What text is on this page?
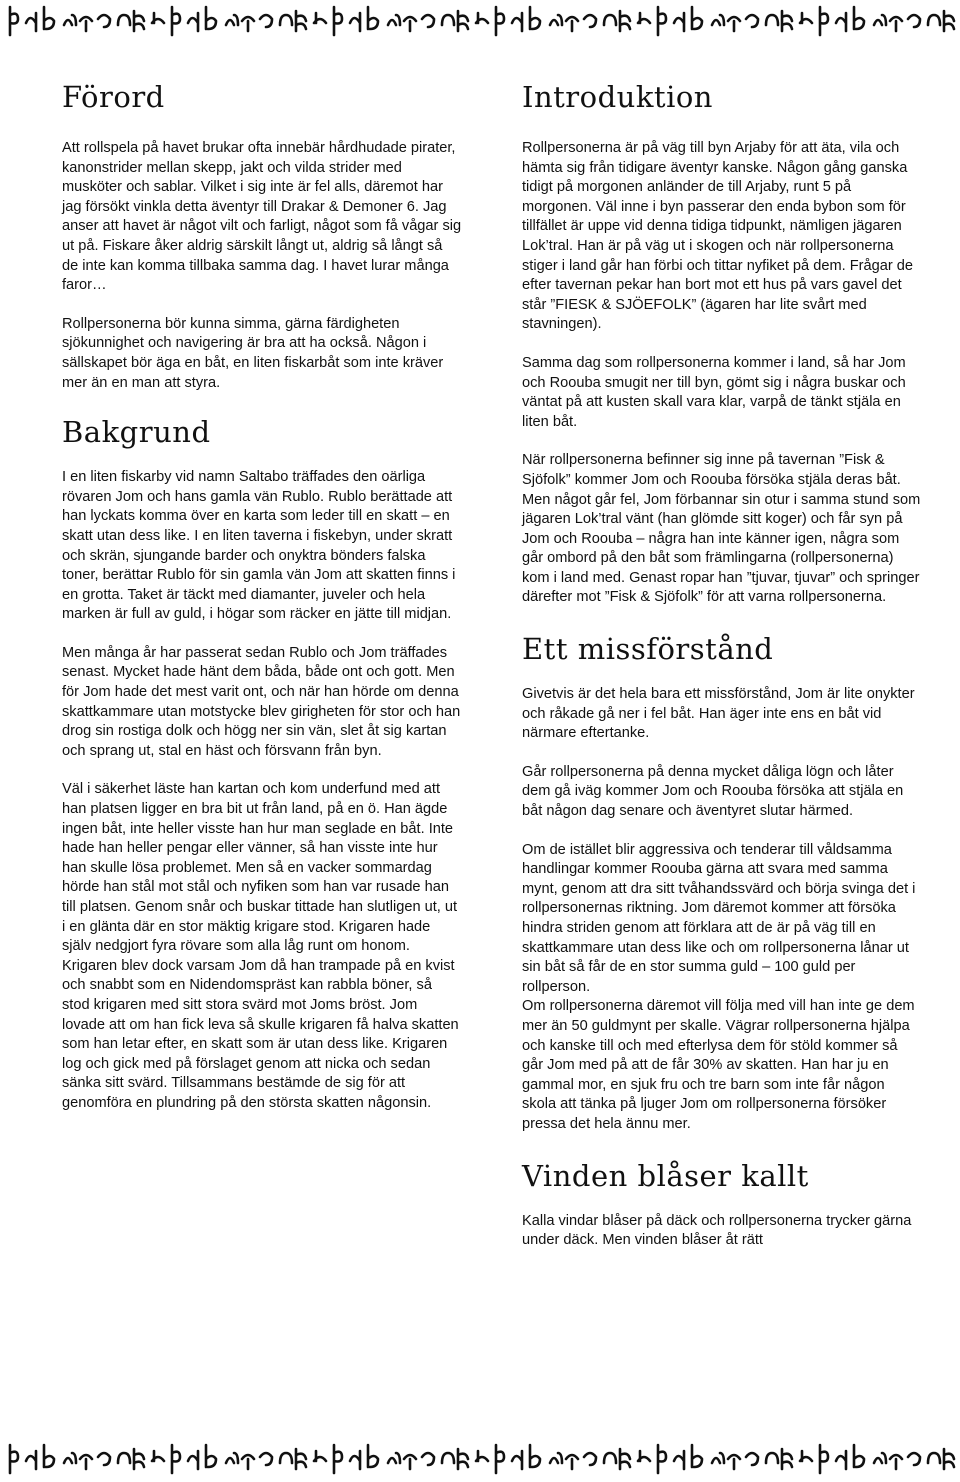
Förord

Att rollspela på havet brukar ofta innebär hårdhudade pirater, kanonstrider mellan skepp, jakt och vilda strider med musköter och sablar. Vilket i sig inte är fel alls, däremot har jag försökt vinkla detta äventyr till Drakar & Demoner 6. Jag anser att havet är något vilt och farligt, något som få vågar sig ut på. Fiskare åker aldrig särskilt långt ut, aldrig så långt så de inte kan komma tillbaka samma dag. I havet lurar många faror…

Rollpersonerna bör kunna simma, gärna färdigheten sjökunnighet och navigering är bra att ha också. Någon i sällskapet bör äga en båt, en liten fiskarbåt som inte kräver mer än en man att styra.

Bakgrund

I en liten fiskarby vid namn Saltabo träffades den oärliga rövaren Jom och hans gamla vän Rublo. Rublo berättade att han lyckats komma över en karta som leder till en skatt – en skatt utan dess like. I en liten taverna i fiskebyn, under skratt och skrän, sjungande barder och onyktra bönders falska toner, berättar Rublo för sin gamla vän Jom att skatten finns i en grotta. Taket är täckt med diamanter, juveler och hela marken är full av guld, i högar som räcker en jätte till midjan.

Men många år har passerat sedan Rublo och Jom träffades senast. Mycket hade hänt dem båda, både ont och gott. Men för Jom hade det mest varit ont, och när han hörde om denna skattkammare utan motstycke blev girigheten för stor och han drog sin rostiga dolk och högg ner sin vän, slet åt sig kartan och sprang ut, stal en häst och försvann från byn.

Väl i säkerhet läste han kartan och kom underfund med att han platsen ligger en bra bit ut från land, på en ö. Han ägde ingen båt, inte heller visste han hur man seglade en båt. Inte hade han heller pengar eller vänner, så han visste inte hur han skulle lösa problemet. Men så en vacker sommardag hörde han stål mot stål och nyfiken som han var rusade han till platsen. Genom snår och buskar tittade han slutligen ut, ut i en glänta där en stor mäktig krigare stod. Krigaren hade själv nedgjort fyra rövare som alla låg runt om honom. Krigaren blev dock varsam Jom då han trampade på en kvist och snabbt som en Nidendomspräst kan rabbla böner, så stod krigaren med sitt stora svärd mot Joms bröst. Jom lovade att om han fick leva så skulle krigaren få halva skatten som han letar efter, en skatt som är utan dess like. Krigaren log och gick med på förslaget genom att nicka och sedan sänka sitt svärd. Tillsammans bestämde de sig för att genomföra en plundring på den största skatten någonsin.

Introduktion

Rollpersonerna är på väg till byn Arjaby för att äta, vila och hämta sig från tidigare äventyr kanske. Någon gång ganska tidigt på morgonen anländer de till Arjaby, runt 5 på morgonen. Väl inne i byn passerar den enda bybon som för tillfället är uppe vid denna tidiga tidpunkt, nämligen jägaren Lok’tral. Han är på väg ut i skogen och när rollpersonerna stiger i land går han förbi och tittar nyfiket på dem. Frågar de efter tavernan pekar han bort mot ett hus på vars gavel det står ”FIESK & SJÖEFOLK” (ägaren har lite svårt med stavningen).

Samma dag som rollpersonerna kommer i land, så har Jom och Roouba smugit ner till byn, gömt sig i några buskar och väntat på att kusten skall vara klar, varpå de tänkt stjäla en liten båt.

När rollpersonerna befinner sig inne på tavernan ”Fisk & Sjöfolk” kommer Jom och Roouba försöka stjäla deras båt. Men något går fel, Jom förbannar sin otur i samma stund som jägaren Lok’tral vänt (han glömde sitt koger) och får syn på Jom och Roouba – några han inte känner igen, några som går ombord på den båt som främlingarna (rollpersonerna) kom i land med. Genast ropar han ”tjuvar, tjuvar” och springer därefter mot ”Fisk & Sjöfolk” för att varna rollpersonerna.

Ett missförstånd

Givetvis är det hela bara ett missförstånd, Jom är lite onykter och råkade gå ner i fel båt. Han äger inte ens en båt vid närmare eftertanke.

Går rollpersonerna på denna mycket dåliga lögn och låter dem gå iväg kommer Jom och Roouba försöka att stjäla en båt någon dag senare och äventyret slutar härmed.

Om de istället blir aggressiva och tenderar till våldsamma handlingar kommer Roouba gärna att svara med samma mynt, genom att dra sitt tvåhandssvärd och börja svinga det i rollpersonernas riktning. Jom däremot kommer att försöka hindra striden genom att förklara att de är på väg till en skattkammare utan dess like och om rollpersonerna lånar ut sin båt så får de en stor summa guld – 100 guld per rollperson.

Om rollpersonerna däremot vill följa med vill han inte ge dem mer än 50 guldmynt per skalle. Vägrar rollpersonerna hjälpa och kanske till och med efterlysa dem för stöld kommer så går Jom med på att de får 30% av skatten. Han har ju en gammal mor, en sjuk fru och tre barn som inte får någon skola att tänka på ljuger Jom om rollpersonerna försöker pressa det hela ännu mer.

Vinden blåser kallt

Kalla vindar blåser på däck och rollpersonerna trycker gärna under däck. Men vinden blåser åt rätt
